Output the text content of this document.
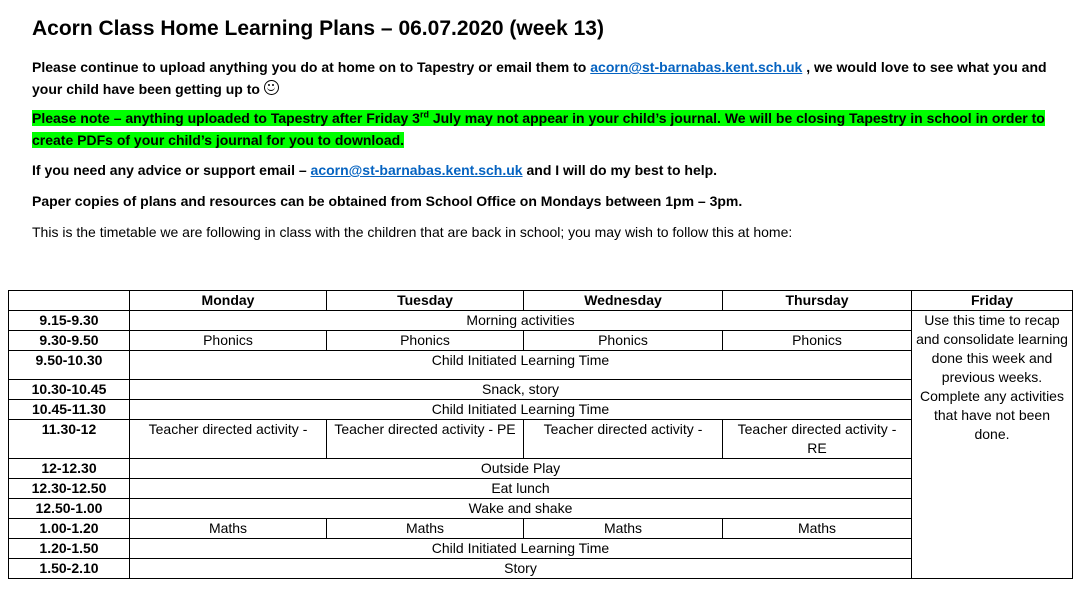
Acorn Class Home Learning Plans – 06.07.2020 (week 13)

Please continue to upload anything you do at home on to Tapestry or email them to acorn@st-barnabas.kent.sch.uk , we would love to see what you and your child have been getting up to

Please note – anything uploaded to Tapestry after Friday 3rd July may not appear in your child’s journal. We will be closing Tapestry in school in order to create PDFs of your child’s journal for you to download.

If you need any advice or support email – acorn@st-barnabas.kent.sch.uk and I will do my best to help.

Paper copies of plans and resources can be obtained from School Office on Mondays between 1pm – 3pm.

This is the timetable we are following in class with the children that are back in school; you may wish to follow this at home:

	Monday	Tuesday	Wednesday	Thursday	Friday
9.15-9.30	Morning activities				Use this time to recap and consolidate learning done this week and previous weeks. Complete any activities that have not been done.
9.30-9.50	Phonics	Phonics	Phonics	Phonics	
9.50-10.30	Child Initiated Learning Time				
10.30-10.45	Snack, story				
10.45-11.30	Child Initiated Learning Time				
11.30-12	Teacher directed activity -	Teacher directed activity - PE	Teacher directed activity -	Teacher directed activity - RE	
12-12.30	Outside Play				
12.30-12.50	Eat lunch				
12.50-1.00	Wake and shake				
1.00-1.20	Maths	Maths	Maths	Maths	
1.20-1.50	Child Initiated Learning Time				
1.50-2.10	Story				
